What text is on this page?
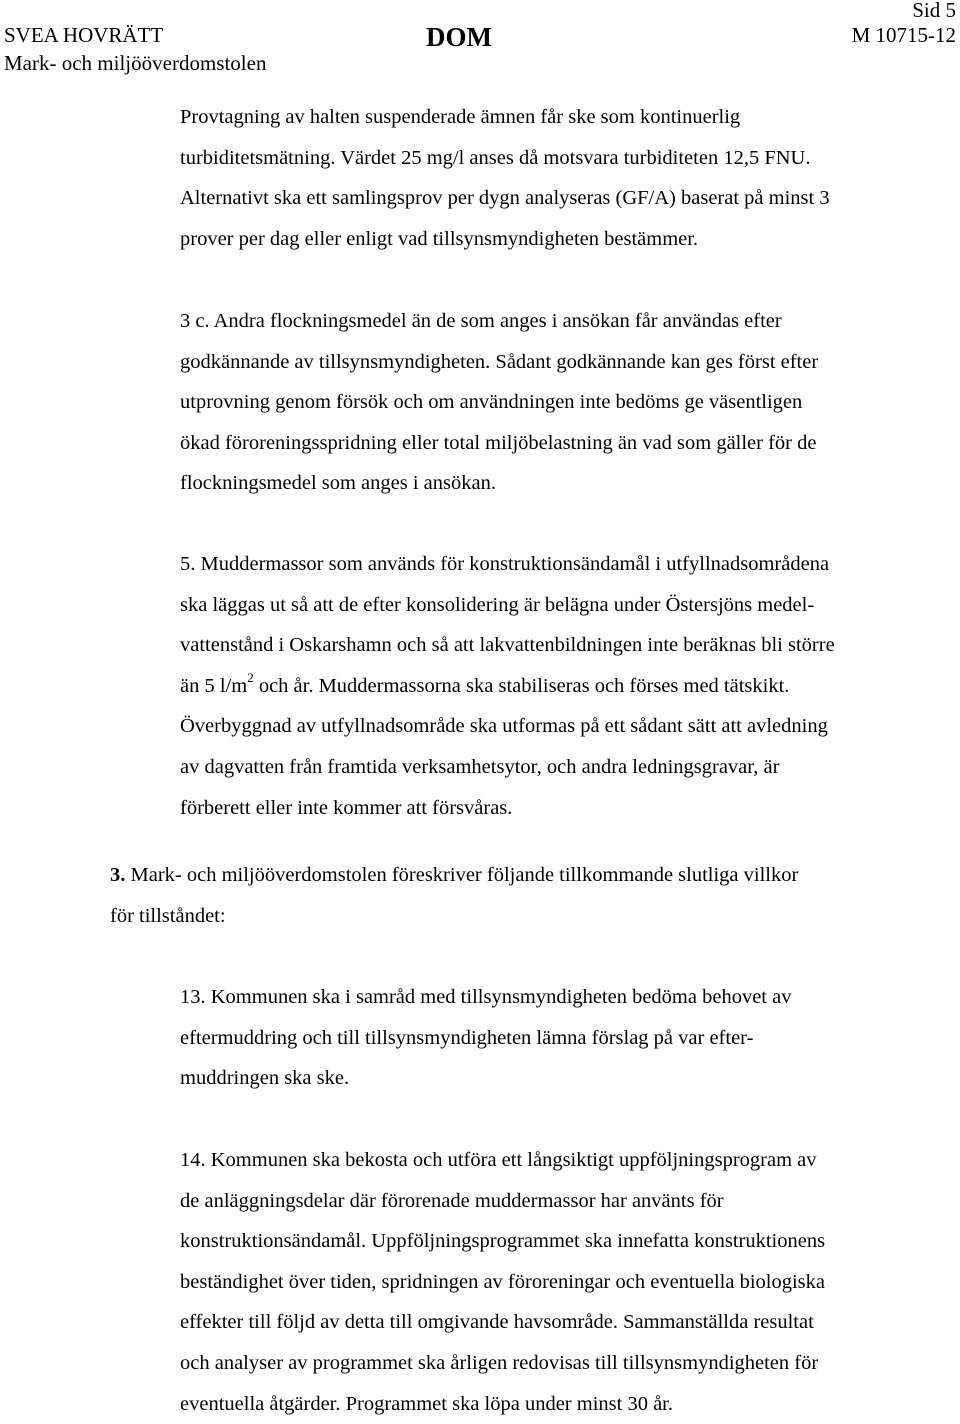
SVEA HOVRÄTT
Mark- och miljööverdomstolen
DOM
Sid 5
M 10715-12
Provtagning av halten suspenderade ämnen får ske som kontinuerlig
turbiditetsmätning. Värdet 25 mg/l anses då motsvara turbiditeten 12,5 FNU.
Alternativt ska ett samlingsprov per dygn analyseras (GF/A) baserat på minst 3
prover per dag eller enligt vad tillsynsmyndigheten bestämmer.
3 c. Andra flockningsmedel än de som anges i ansökan får användas efter
godkännande av tillsynsmyndigheten. Sådant godkännande kan ges först efter
utprovning genom försök och om användningen inte bedöms ge väsentligen
ökad föroreningsspridning eller total miljöbelastning än vad som gäller för de
flockningsmedel som anges i ansökan.
5. Muddermassor som används för konstruktionsändamål i utfyllnadsområdena
ska läggas ut så att de efter konsolidering är belägna under Östersjöns medel-
vattenstånd i Oskarshamn och så att lakvattenbildningen inte beräknas bli större
än 5 $l/m^2$ och år. Muddermassorna ska stabiliseras och förses med tätskikt.
Överbyggnad av utfyllnadsområde ska utformas på ett sådant sätt att avledning
av dagvatten från framtida verksamhetsytor, och andra ledningsgravar, är
förberett eller inte kommer att försvåras.
3. Mark- och miljööverdomstolen föreskriver följande tillkommande slutliga villkor
för tillståndet:
13. Kommunen ska i samråd med tillsynsmyndigheten bedöma behovet av
eftermuddring och till tillsynsmyndigheten lämna förslag på var efter-
muddringen ska ske.
14. Kommunen ska bekosta och utföra ett långsiktigt uppföljningsprogram av
de anläggningsdelar där förorenade muddermassor har använts för
konstruktionsändamål. Uppföljningsprogrammet ska innefatta konstruktionens
beständighet över tiden, spridningen av föroreningar och eventuella biologiska
effekter till följd av detta till omgivande havsområde. Sammanställda resultat
och analyser av programmet ska årligen redovisas till tillsynsmyndigheten för
eventuella åtgärder. Programmet ska löpa under minst 30 år.
